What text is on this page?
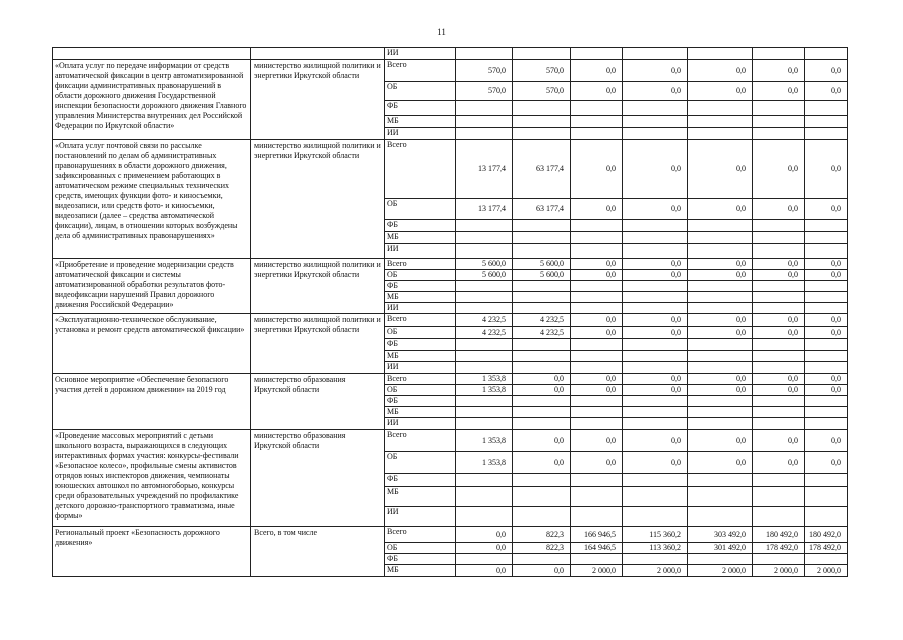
11
		ИИ							
«Оплата услуг по передаче информации от средств автоматической фиксации в центр автоматизированной фиксации административных правонарушений в области дорожного движения Государственной инспекции безопасности дорожного движения Главного управления Министерства внутренних дел Российской Федерации по Иркутской области»	министерство жилищной политики и энергетики Иркутской области	Всего	570,0	570,0	0,0	0,0	0,0	0,0	0,0
		ОБ	570,0	570,0	0,0	0,0	0,0	0,0	0,0
		ФБ							
		МБ							
		ИИ							
«Оплата услуг почтовой связи по рассылке постановлений по делам об административных правонарушениях в области дорожного движения, зафиксированных с применением работающих в автоматическом режиме специальных технических средств, имеющих функции фото- и киносъемки, видеозаписи, или средств фото- и киносъемки, видеозаписи (далее – средства автоматической фиксации), лицам, в отношении которых возбуждены дела об административных правонарушениях»	министерство жилищной политики и энергетики Иркутской области	Всего	13 177,4	63 177,4	0,0	0,0	0,0	0,0	0,0
		ОБ	13 177,4	63 177,4	0,0	0,0	0,0	0,0	0,0
		ФБ							
		МБ							
		ИИ							
«Приобретение и проведение модернизации средств автоматической фиксации и системы автоматизированной обработки результатов фото-видеофиксации нарушений Правил дорожного движения Российской Федерации»	министерство жилищной политики и энергетики Иркутской области	Всего	5 600,0	5 600,0	0,0	0,0	0,0	0,0	0,0
		ОБ	5 600,0	5 600,0	0,0	0,0	0,0	0,0	0,0
		ФБ							
		МБ							
		ИИ							
«Эксплуатационно-техническое обслуживание, установка и ремонт средств автоматической фиксации»	министерство жилищной политики и энергетики Иркутской области	Всего	4 232,5	4 232,5	0,0	0,0	0,0	0,0	0,0
		ОБ	4 232,5	4 232,5	0,0	0,0	0,0	0,0	0,0
		ФБ							
		МБ							
		ИИ							
Основное мероприятие «Обеспечение безопасного участия детей в дорожном движении» на 2019 год	министерство образования Иркутской области	Всего	1 353,8	0,0	0,0	0,0	0,0	0,0	0,0
		ОБ	1 353,8	0,0	0,0	0,0	0,0	0,0	0,0
		ФБ							
		МБ							
		ИИ							
«Проведение массовых мероприятий с детьми школьного возраста, выражающихся в следующих интерактивных формах участия: конкурсы-фестивали «Безопасное колесо», профильные смены активистов отрядов юных инспекторов движения, чемпионаты юношеских автошкол по автомногоборью, конкурсы среди образовательных учреждений по профилактике детского дорожно-транспортного травматизма, иные формы»	министерство образования Иркутской области	Всего	1 353,8	0,0	0,0	0,0	0,0	0,0	0,0
		ОБ	1 353,8	0,0	0,0	0,0	0,0	0,0	0,0
		ФБ							
		МБ							
		ИИ							
Региональный проект «Безопасность дорожного движения»	Всего, в том числе	Всего	0,0	822,3	166 946,5	115 360,2	303 492,0	180 492,0	180 492,0
		ОБ	0,0	822,3	164 946,5	113 360,2	301 492,0	178 492,0	178 492,0
		ФБ							
		МБ	0,0	0,0	2 000,0	2 000,0	2 000,0	2 000,0	2 000,0
